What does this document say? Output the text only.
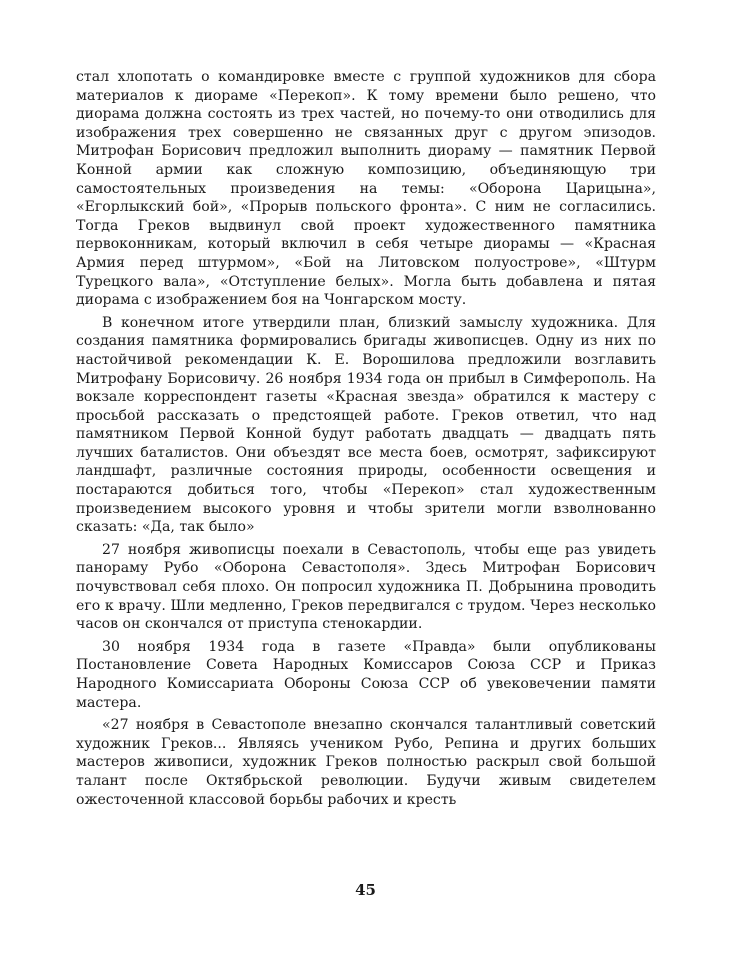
стал хлопотать о командировке вместе с группой художников для сбора материалов к диораме «Перекоп». К тому времени было решено, что диорама должна состоять из трех частей, но почему-то они отводились для изображения трех совершенно не связанных друг с другом эпизодов. Митрофан Борисович предложил выполнить диораму — памятник Первой Конной армии как сложную композицию, объединяющую три самостоятельных произведения на темы: «Оборона Царицына», «Егорлыкский бой», «Прорыв польского фронта». С ним не согласились. Тогда Греков выдвинул свой проект художественного памятника первоконникам, который включил в себя четыре диорамы — «Красная Армия перед штурмом», «Бой на Литовском полуострове», «Штурм Турецкого вала», «Отступление белых». Могла быть добавлена и пятая диорама с изображением боя на Чонгарском мосту.

В конечном итоге утвердили план, близкий замыслу художника. Для создания памятника формировались бригады живописцев. Одну из них по настойчивой рекомендации К. Е. Ворошилова предложили возглавить Митрофану Борисовичу. 26 ноября 1934 года он прибыл в Симферополь. На вокзале корреспондент газеты «Красная звезда» обратился к мастеру с просьбой рассказать о предстоящей работе. Греков ответил, что над памятником Первой Конной будут работать двадцать — двадцать пять лучших баталистов. Они объездят все места боев, осмотрят, зафиксируют ландшафт, различные состояния природы, особенности освещения и постараются добиться того, чтобы «Перекоп» стал художественным произведением высокого уровня и чтобы зрители могли взволнованно сказать: «Да, так было»

27 ноября живописцы поехали в Севастополь, чтобы еще раз увидеть панораму Рубо «Оборона Севастополя». Здесь Митрофан Борисович почувствовал себя плохо. Он попросил художника П. Добрынина проводить его к врачу. Шли медленно, Греков передвигался с трудом. Через несколько часов он скончался от приступа стенокардии.

30 ноября 1934 года в газете «Правда» были опубликованы Постановление Совета Народных Комиссаров Союза ССР и Приказ Народного Комиссариата Обороны Союза ССР об увековечении памяти мастера.

«27 ноября в Севастополе внезапно скончался талантливый советский художник Греков... Являясь учеником Рубо, Репина и других больших мастеров живописи, художник Греков полностью раскрыл свой большой талант после Октябрьской революции. Будучи живым свидетелем ожесточенной классовой борьбы рабочих и кресть

45
